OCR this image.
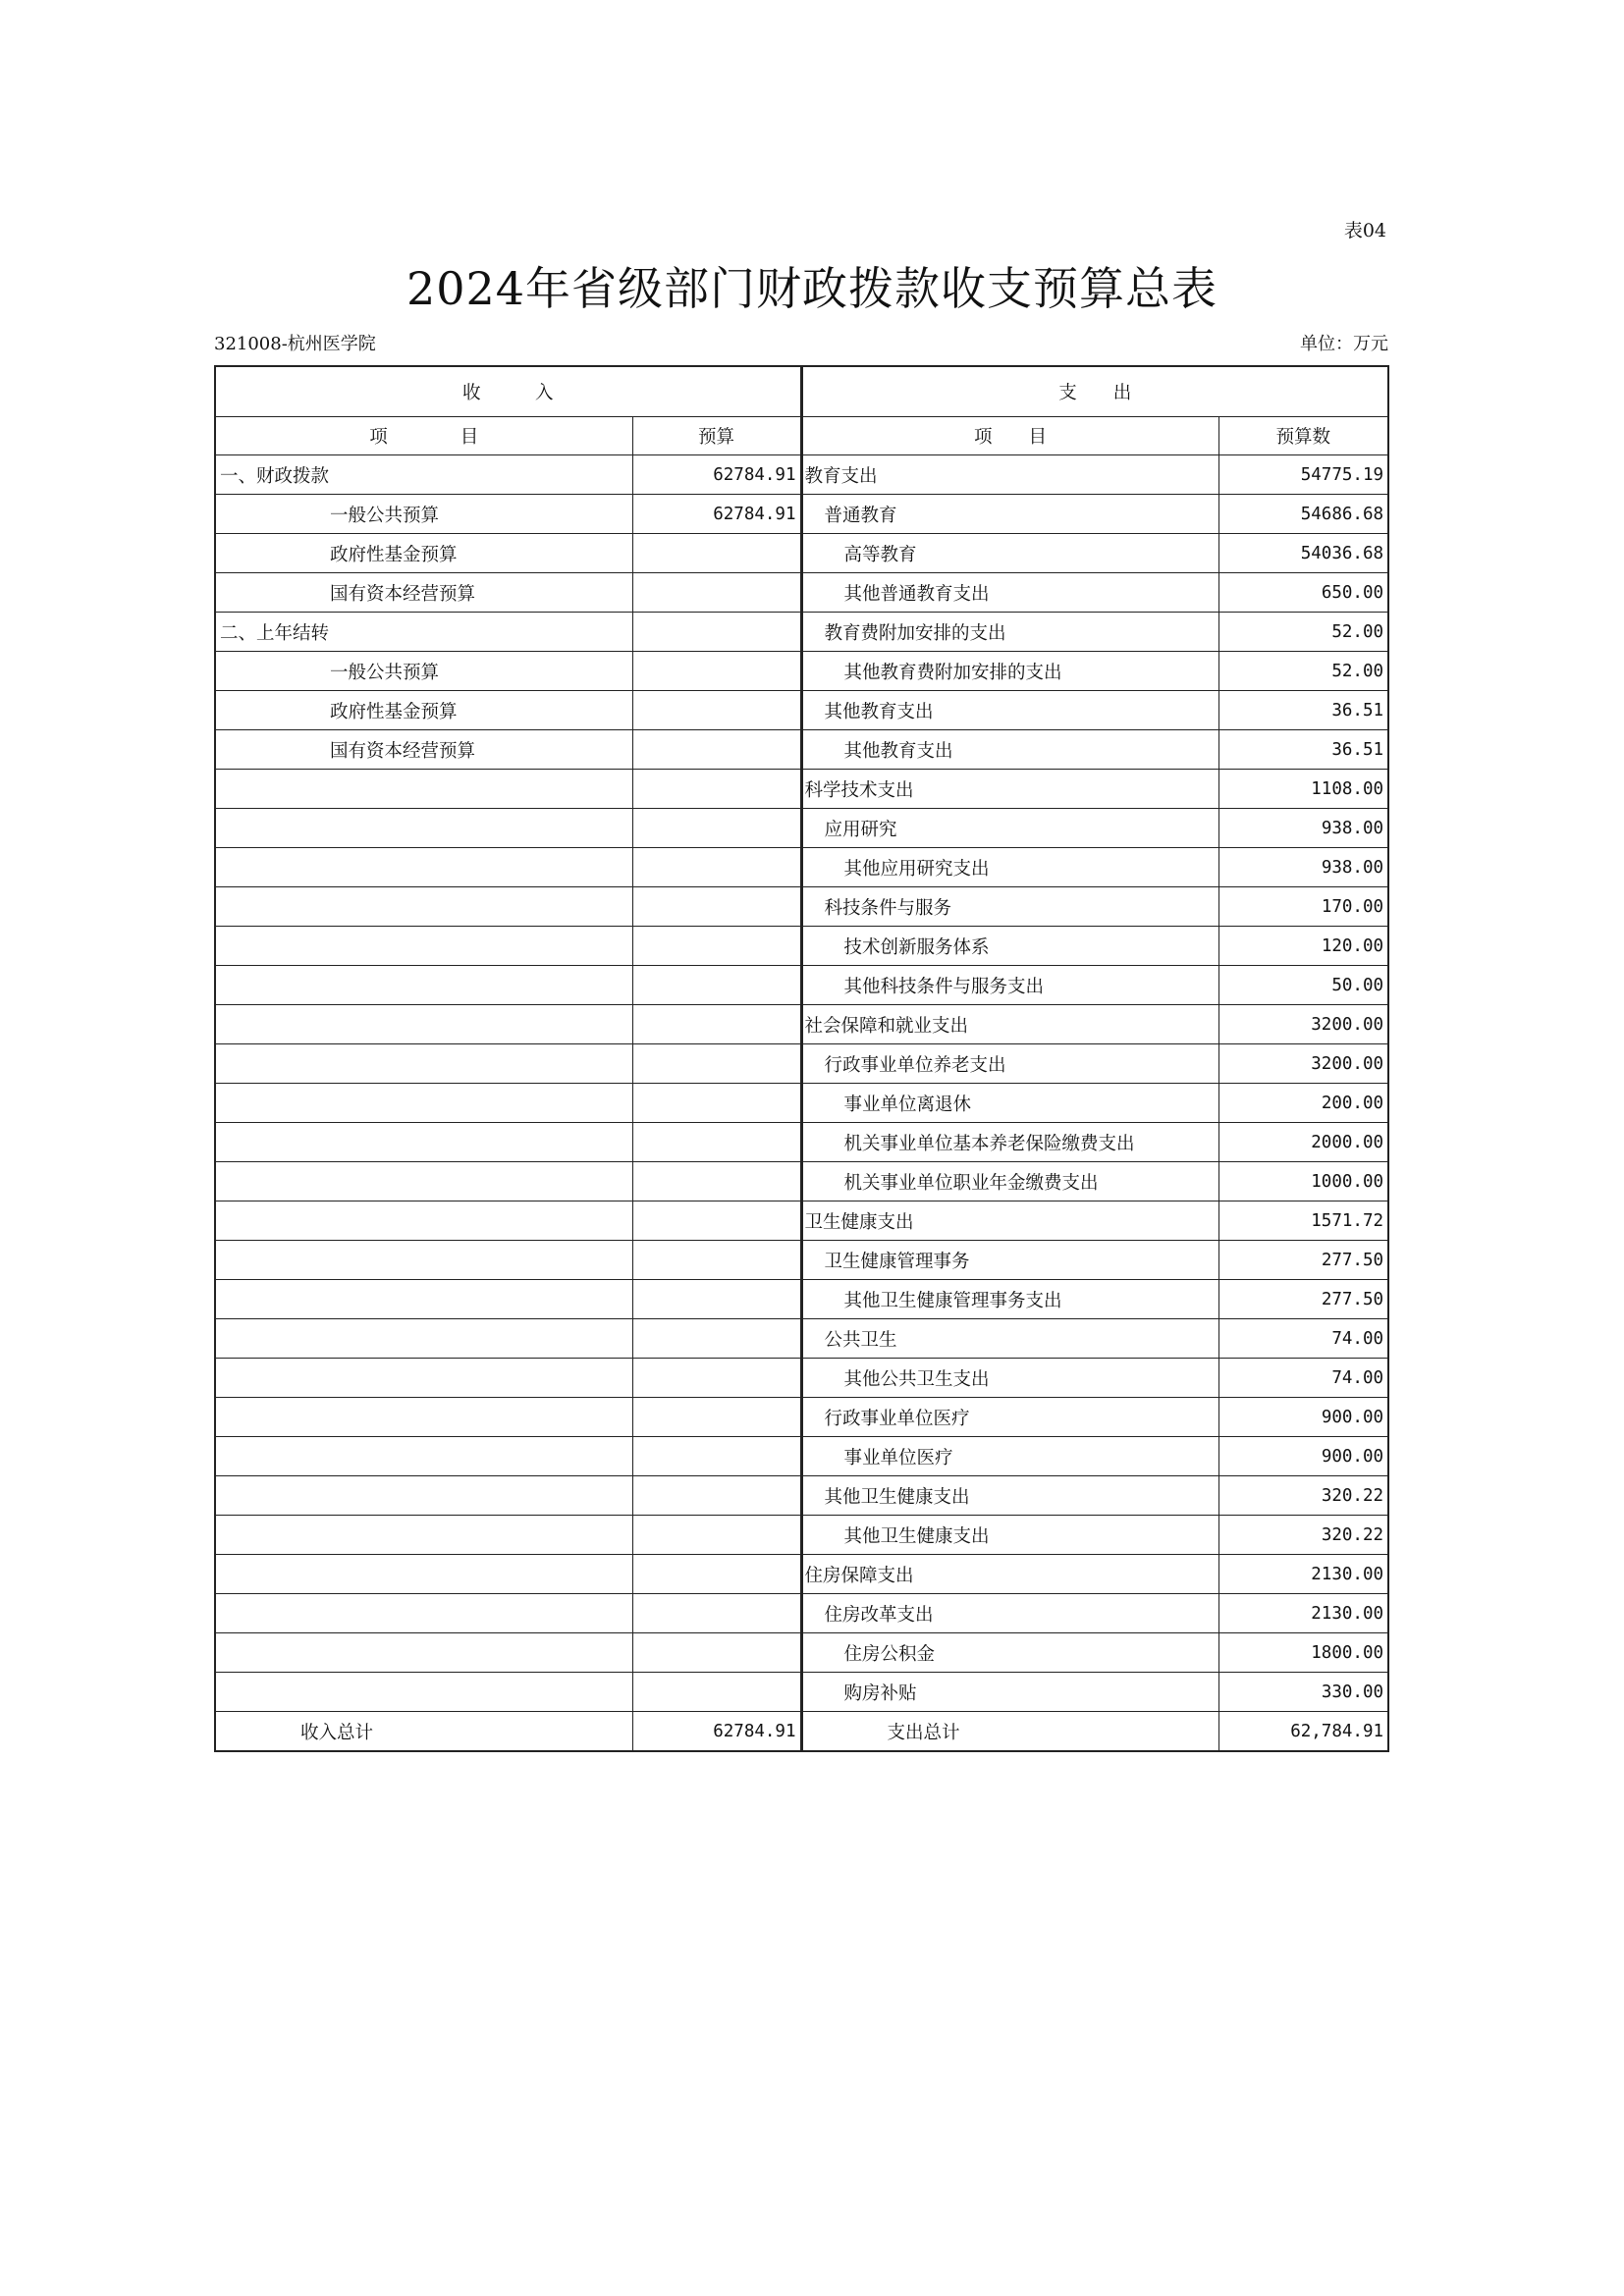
表04
2024年省级部门财政拨款收支预算总表
321008-杭州医学院	单位：万元
收　　　入		支　　出	
项　　　　目	预算	项　　目	预算数
一、财政拨款	62784.91	教育支出	54775.19
一般公共预算	62784.91	普通教育	54686.68
政府性基金预算		高等教育	54036.68
国有资本经营预算		其他普通教育支出	650.00
二、上年结转		教育费附加安排的支出	52.00
一般公共预算		其他教育费附加安排的支出	52.00
政府性基金预算		其他教育支出	36.51
国有资本经营预算		其他教育支出	36.51
		科学技术支出	1108.00
		应用研究	938.00
		其他应用研究支出	938.00
		科技条件与服务	170.00
		技术创新服务体系	120.00
		其他科技条件与服务支出	50.00
		社会保障和就业支出	3200.00
		行政事业单位养老支出	3200.00
		事业单位离退休	200.00
		机关事业单位基本养老保险缴费支出	2000.00
		机关事业单位职业年金缴费支出	1000.00
		卫生健康支出	1571.72
		卫生健康管理事务	277.50
		其他卫生健康管理事务支出	277.50
		公共卫生	74.00
		其他公共卫生支出	74.00
		行政事业单位医疗	900.00
		事业单位医疗	900.00
		其他卫生健康支出	320.22
		其他卫生健康支出	320.22
		住房保障支出	2130.00
		住房改革支出	2130.00
		住房公积金	1800.00
		购房补贴	330.00
收入总计	62784.91	支出总计	62,784.91
